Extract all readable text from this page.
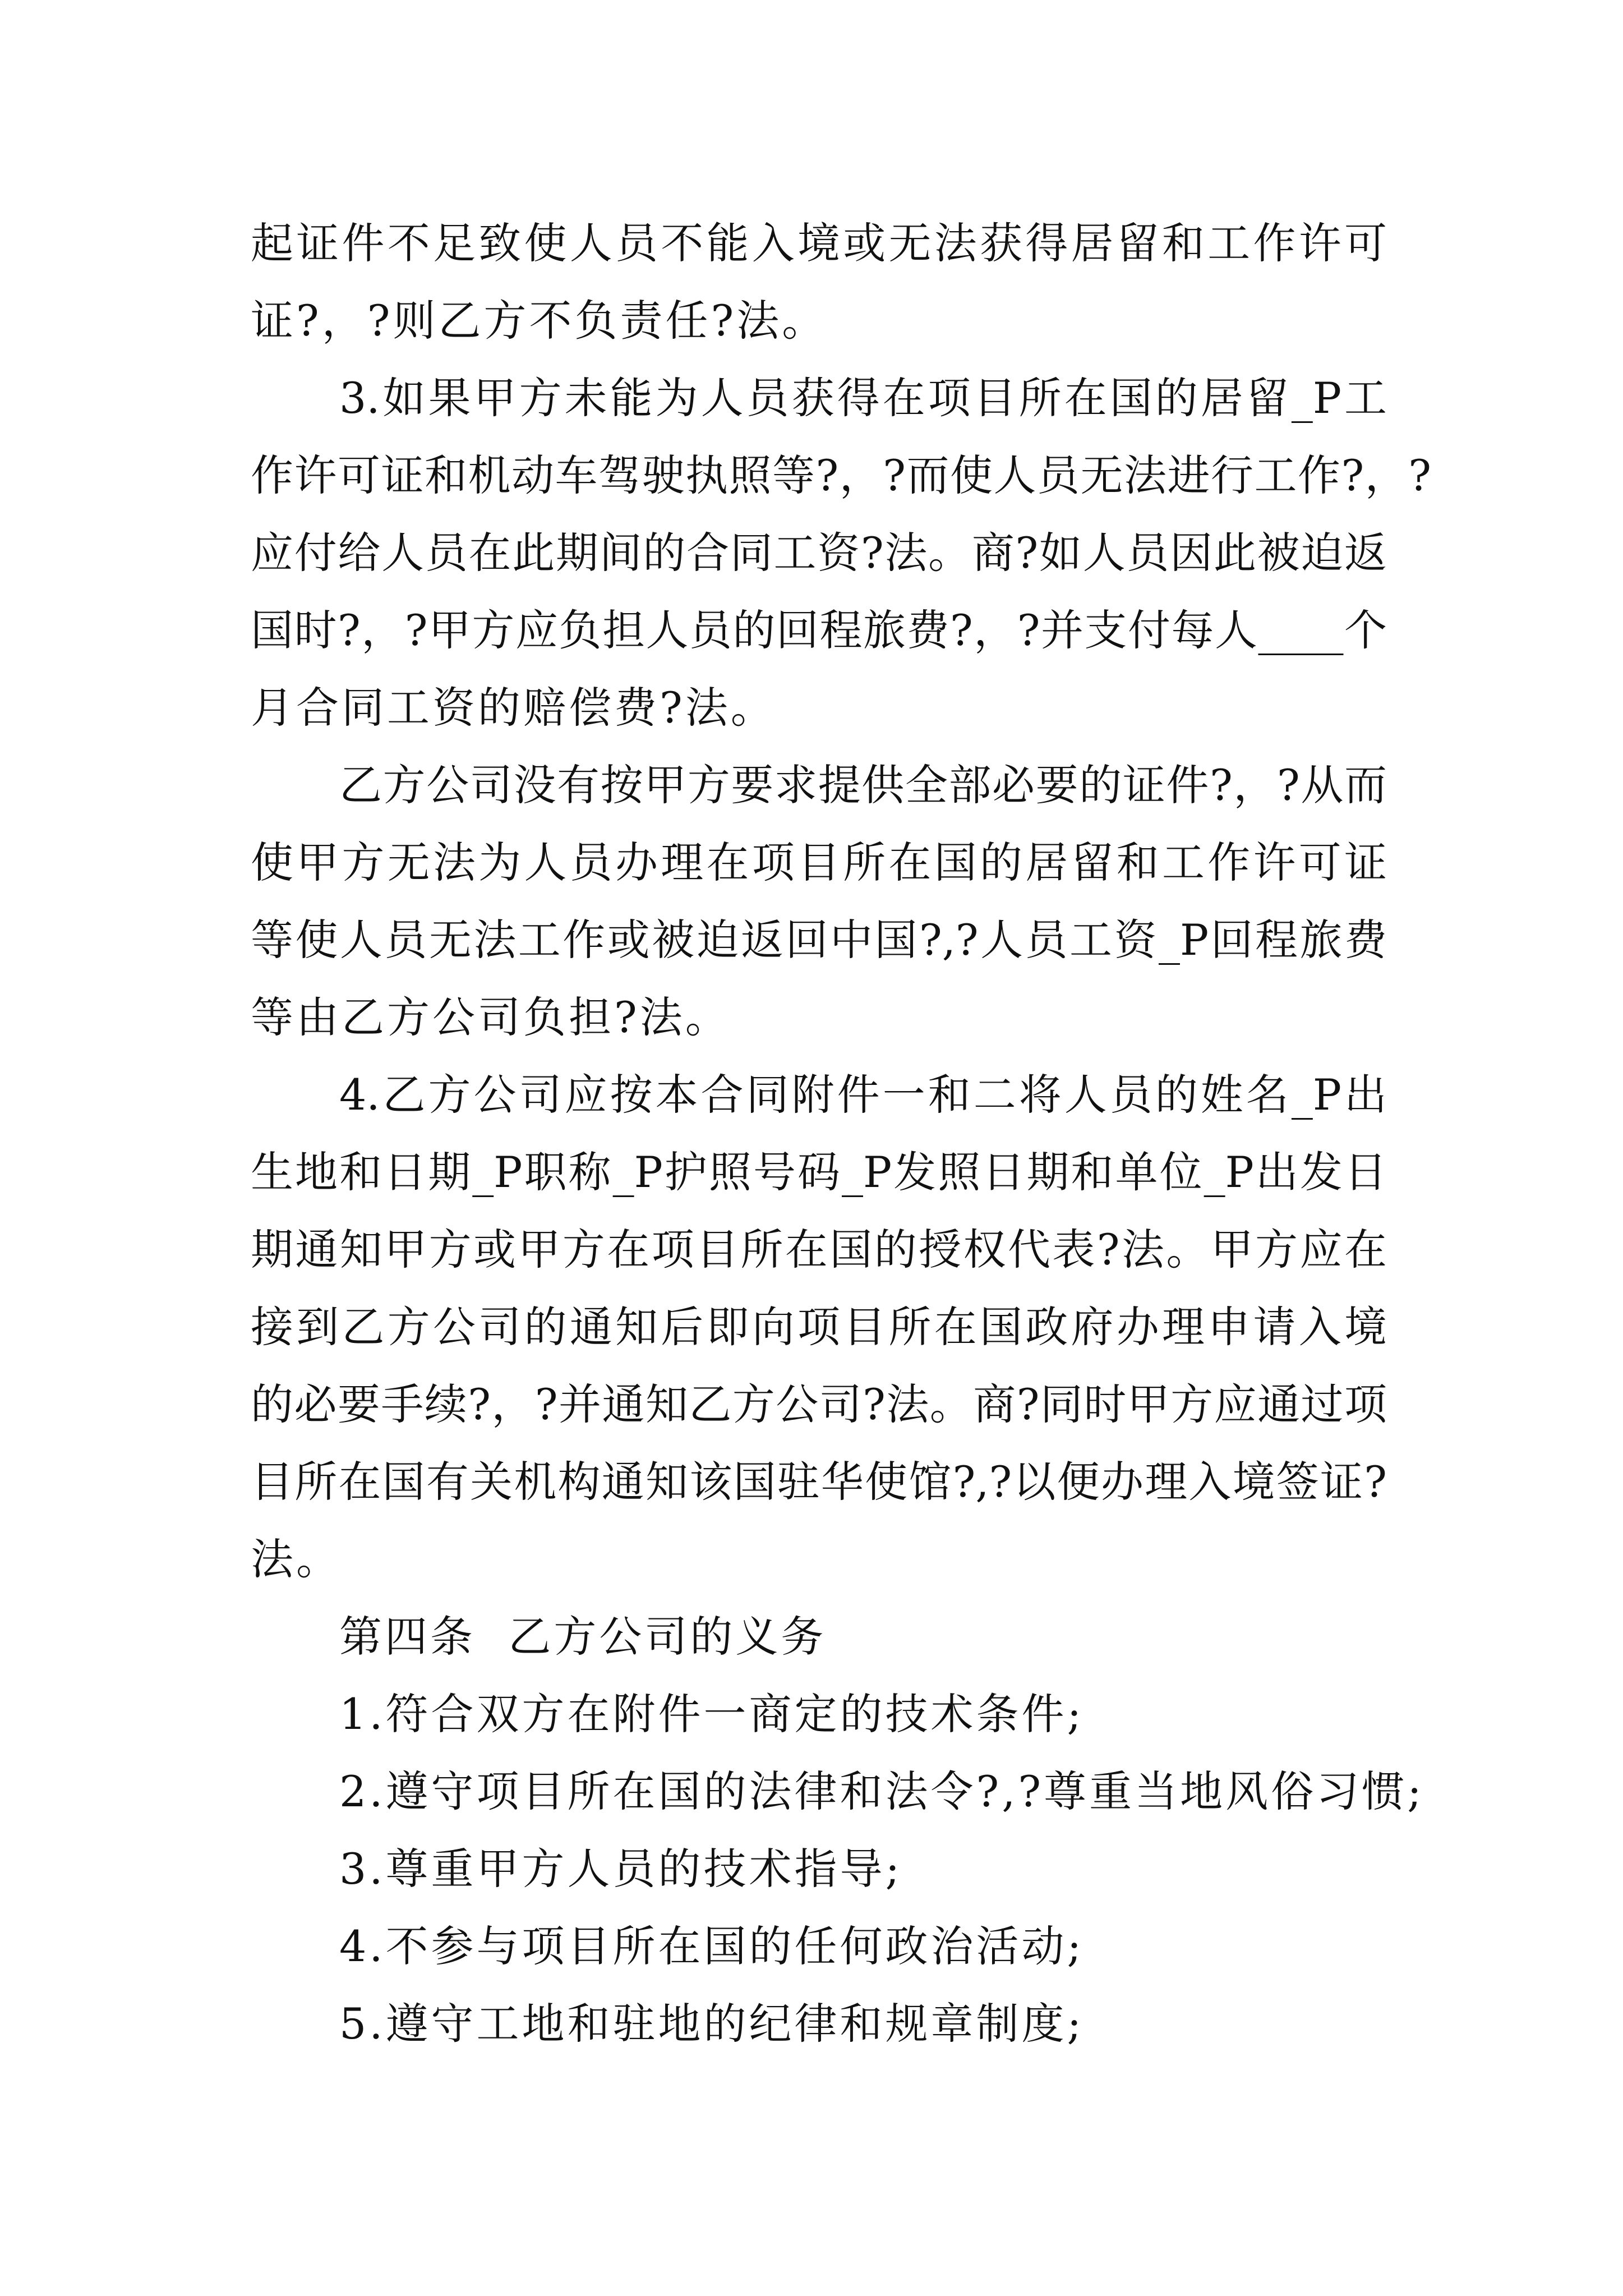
起证件不足致使人员不能入境或无法获得居留和工作许可
证?，?则乙方不负责任?法。
3.如果甲方未能为人员获得在项目所在国的居留_P工
作许可证和机动车驾驶执照等?，?而使人员无法进行工作?，?
应付给人员在此期间的合同工资?法。商?如人员因此被迫返
国时?，?甲方应负担人员的回程旅费?，?并支付每人____个
月合同工资的赔偿费?法。
乙方公司没有按甲方要求提供全部必要的证件?，?从而
使甲方无法为人员办理在项目所在国的居留和工作许可证
等使人员无法工作或被迫返回中国?,?人员工资_P回程旅费
等由乙方公司负担?法。
4.乙方公司应按本合同附件一和二将人员的姓名_P出
生地和日期_P职称_P护照号码_P发照日期和单位_P出发日
期通知甲方或甲方在项目所在国的授权代表?法。甲方应在
接到乙方公司的通知后即向项目所在国政府办理申请入境
的必要手续?，?并通知乙方公司?法。商?同时甲方应通过项
目所在国有关机构通知该国驻华使馆?,?以便办理入境签证?
法。
第四条  乙方公司的义务
1.符合双方在附件一商定的技术条件;
2.遵守项目所在国的法律和法令?,?尊重当地风俗习惯;
3.尊重甲方人员的技术指导;
4.不参与项目所在国的任何政治活动;
5.遵守工地和驻地的纪律和规章制度;
